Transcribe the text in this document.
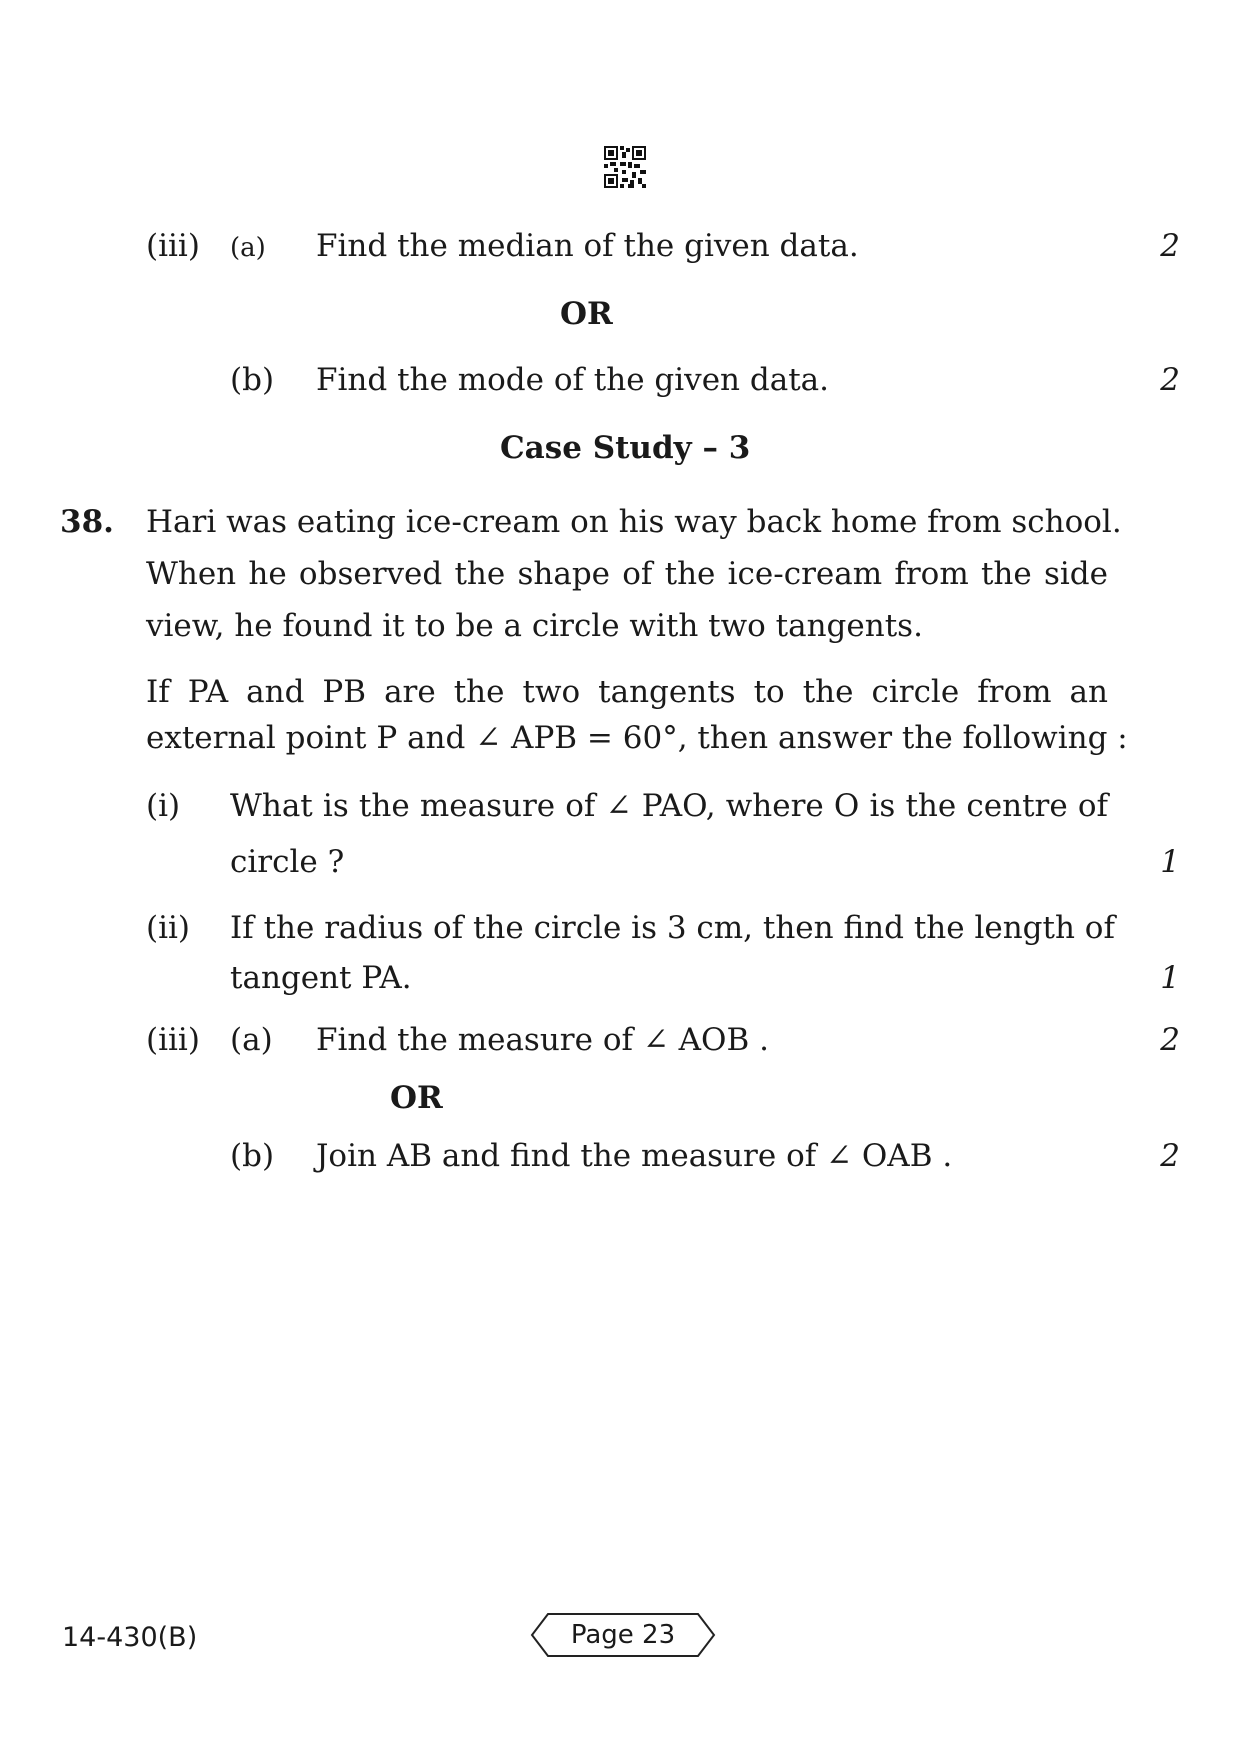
(iii) (a) Find the median of the given data.	2
OR
(b) Find the mode of the given data.	2
Case Study – 3
38. Hari was eating ice-cream on his way back home from school.
When he observed the shape of the ice-cream from the side
view, he found it to be a circle with two tangents.
If PA and PB are the two tangents to the circle from an
external point P and ∠ APB = 60°, then answer the following :
(i) What is the measure of ∠ PAO, where O is the centre of
circle ?	1
(ii) If the radius of the circle is 3 cm, then find the length of
tangent PA.	1
(iii) (a) Find the measure of ∠ AOB .	2
OR
(b) Join AB and find the measure of ∠ OAB .	2
14-430(B)	Page 23
